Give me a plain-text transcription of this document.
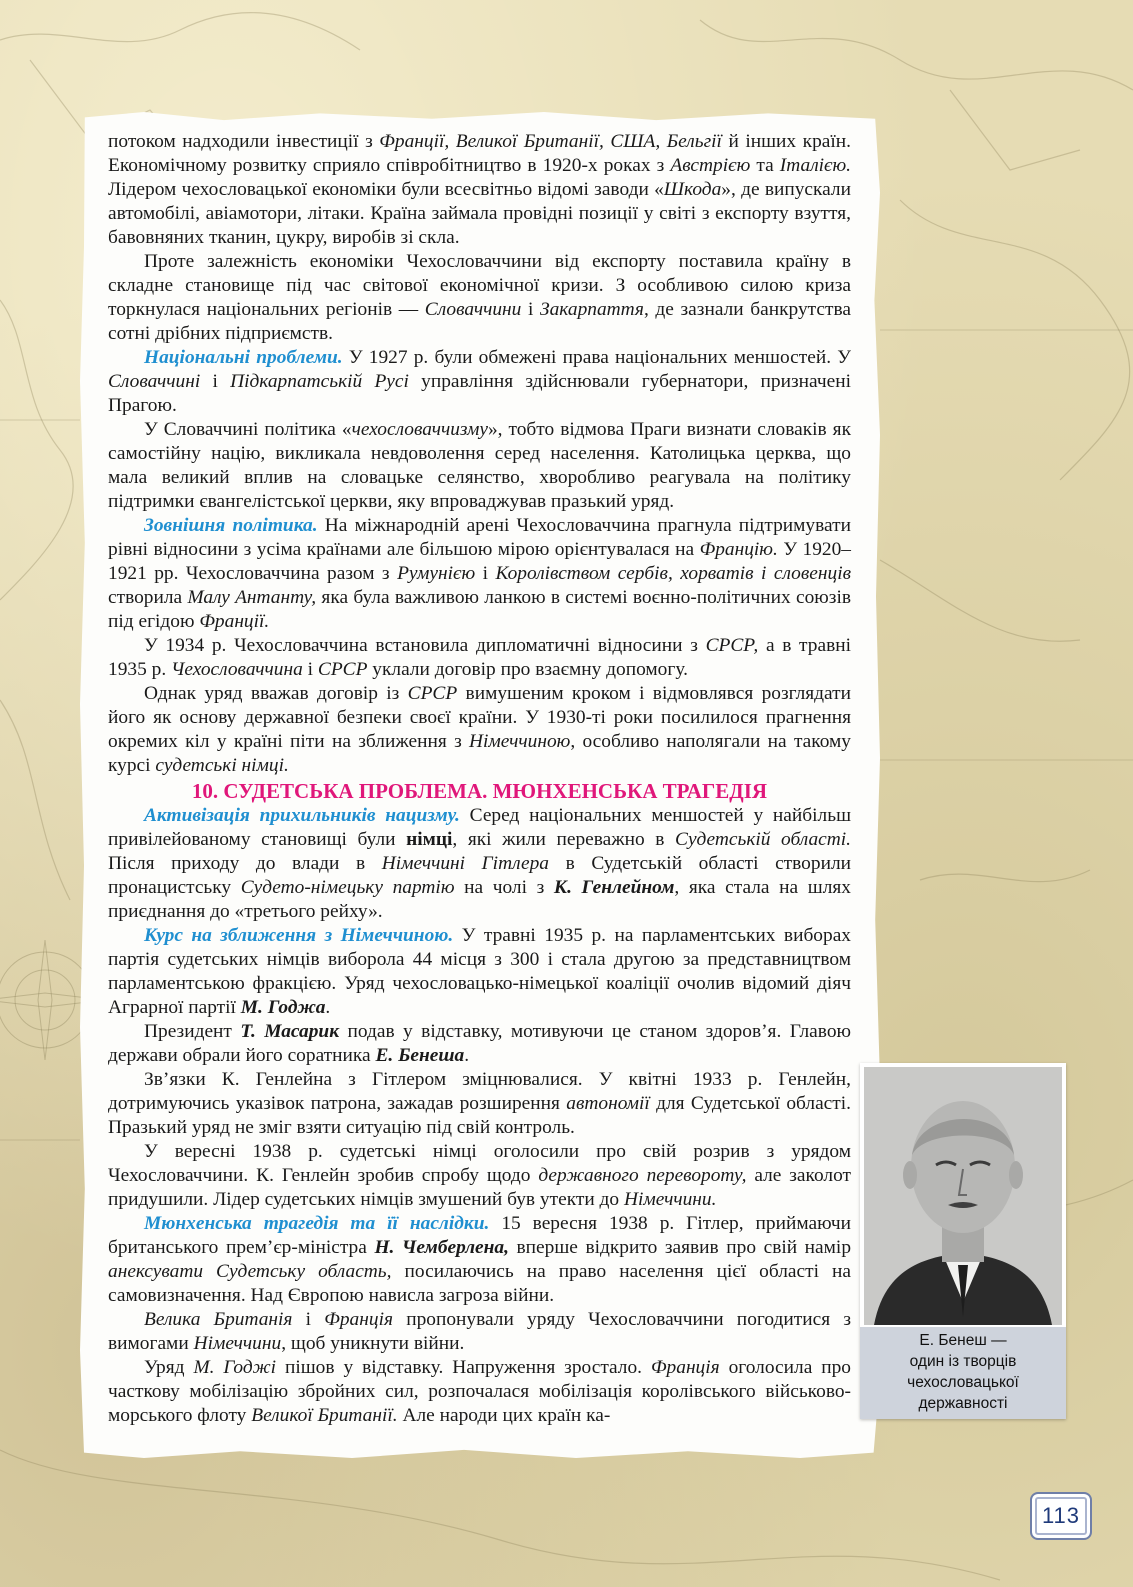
потоком надходили інвестиції з Франції, Великої Британії, США, Бельгії й інших країн. Економічному розвитку сприяло співробітництво в 1920-х роках з Австрією та Італією. Лідером чехословацької економіки були всесвітньо відомі заводи «Шкода», де випускали автомобілі, авіамотори, літаки. Країна займала провідні позиції у світі з експорту взуття, бавовняних тканин, цукру, виробів зі скла.

Проте залежність економіки Чехословаччини від експорту поставила країну в складне становище під час світової економічної кризи. З особливою силою криза торкнулася національних регіонів — Словаччини і Закарпаття, де зазнали банкрутства сотні дрібних підприємств.

Національні проблеми. У 1927 р. були обмежені права національних меншостей. У Словаччині і Підкарпатській Русі управління здійснювали губернатори, призначені Прагою.

У Словаччині політика «чехословаччизму», тобто відмова Праги визнати словаків як самостійну націю, викликала невдоволення серед населення. Католицька церква, що мала великий вплив на словацьке селянство, хворобливо реагувала на політику підтримки євангелістської церкви, яку впроваджував празький уряд.

Зовнішня політика. На міжнародній арені Чехословаччина прагнула підтримувати рівні відносини з усіма країнами але більшою мірою орієнтувалася на Францію. У 1920–1921 рр. Чехословаччина разом з Румунією і Королівством сербів, хорватів і словенців створила Малу Антанту, яка була важливою ланкою в системі воєнно-політичних союзів під егідою Франції.

У 1934 р. Чехословаччина встановила дипломатичні відносини з СРСР, а в травні 1935 р. Чехословаччина і СРСР уклали договір про взаємну допомогу.

Однак уряд вважав договір із СРСР вимушеним кроком і відмовлявся розглядати його як основу державної безпеки своєї країни. У 1930-ті роки посилилося прагнення окремих кіл у країні піти на зближення з Німеччиною, особливо наполягали на такому курсі судетські німці.

10. СУДЕТСЬКА ПРОБЛЕМА. МЮНХЕНСЬКА ТРАГЕДІЯ

Активізація прихильників нацизму. Серед національних меншостей у найбільш привілейованому становищі були німці, які жили переважно в Судетській області. Після приходу до влади в Німеччині Гітлера в Судетській області створили пронацистську Судето-німецьку партію на чолі з К. Генлейном, яка стала на шлях приєднання до «третього рейху».

Курс на зближення з Німеччиною. У травні 1935 р. на парламентських виборах партія судетських німців виборола 44 місця з 300 і стала другою за представництвом парламентською фракцією. Уряд чехословацько-німецької коаліції очолив відомий діяч Аграрної партії М. Годжа.

Президент Т. Масарик подав у відставку, мотивуючи це станом здоров’я. Главою держави обрали його соратника Е. Бенеша.

Зв’язки К. Генлейна з Гітлером зміцнювалися. У квітні 1933 р. Генлейн, дотримуючись указівок патрона, зажадав розширення автономії для Судетської області. Празький уряд не зміг взяти ситуацію під свій контроль.

У вересні 1938 р. судетські німці оголосили про свій розрив з урядом Чехословаччини. К. Генлейн зробив спробу щодо державного перевороту, але заколот придушили. Лідер судетських німців змушений був утекти до Німеччини.

Мюнхенська трагедія та її наслідки. 15 вересня 1938 р. Гітлер, приймаючи британського прем’єр-міністра Н. Чемберлена, вперше відкрито заявив про свій намір анексувати Судетську область, посилаючись на право населення цієї області на самовизначення. Над Європою нависла загроза війни.

Велика Британія і Франція пропонували уряду Чехословаччини погодитися з вимогами Німеччини, щоб уникнути війни.

Уряд М. Годжі пішов у відставку. Напруження зростало. Франція оголосила про часткову мобілізацію збройних сил, розпочалася мобілізація королівського військово-морського флоту Великої Британії. Але народи цих країн ка-

Е. Бенеш —
один із творців
чехословацької
державності
113
